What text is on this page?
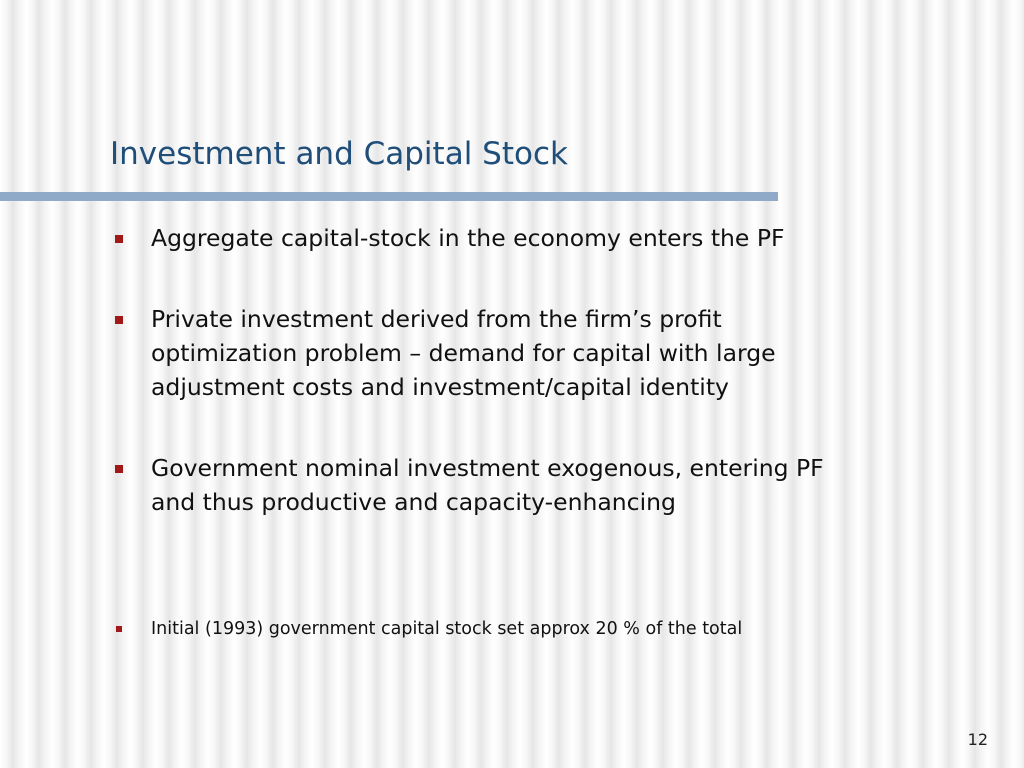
Investment and Capital Stock

Aggregate capital-stock in the economy enters the PF

Private investment derived from the firm’s profit
optimization problem – demand for capital with large
adjustment costs and investment/capital identity

Government nominal investment exogenous, entering PF
and thus productive and capacity-enhancing

Initial (1993) government capital stock set approx 20 % of the total

12
